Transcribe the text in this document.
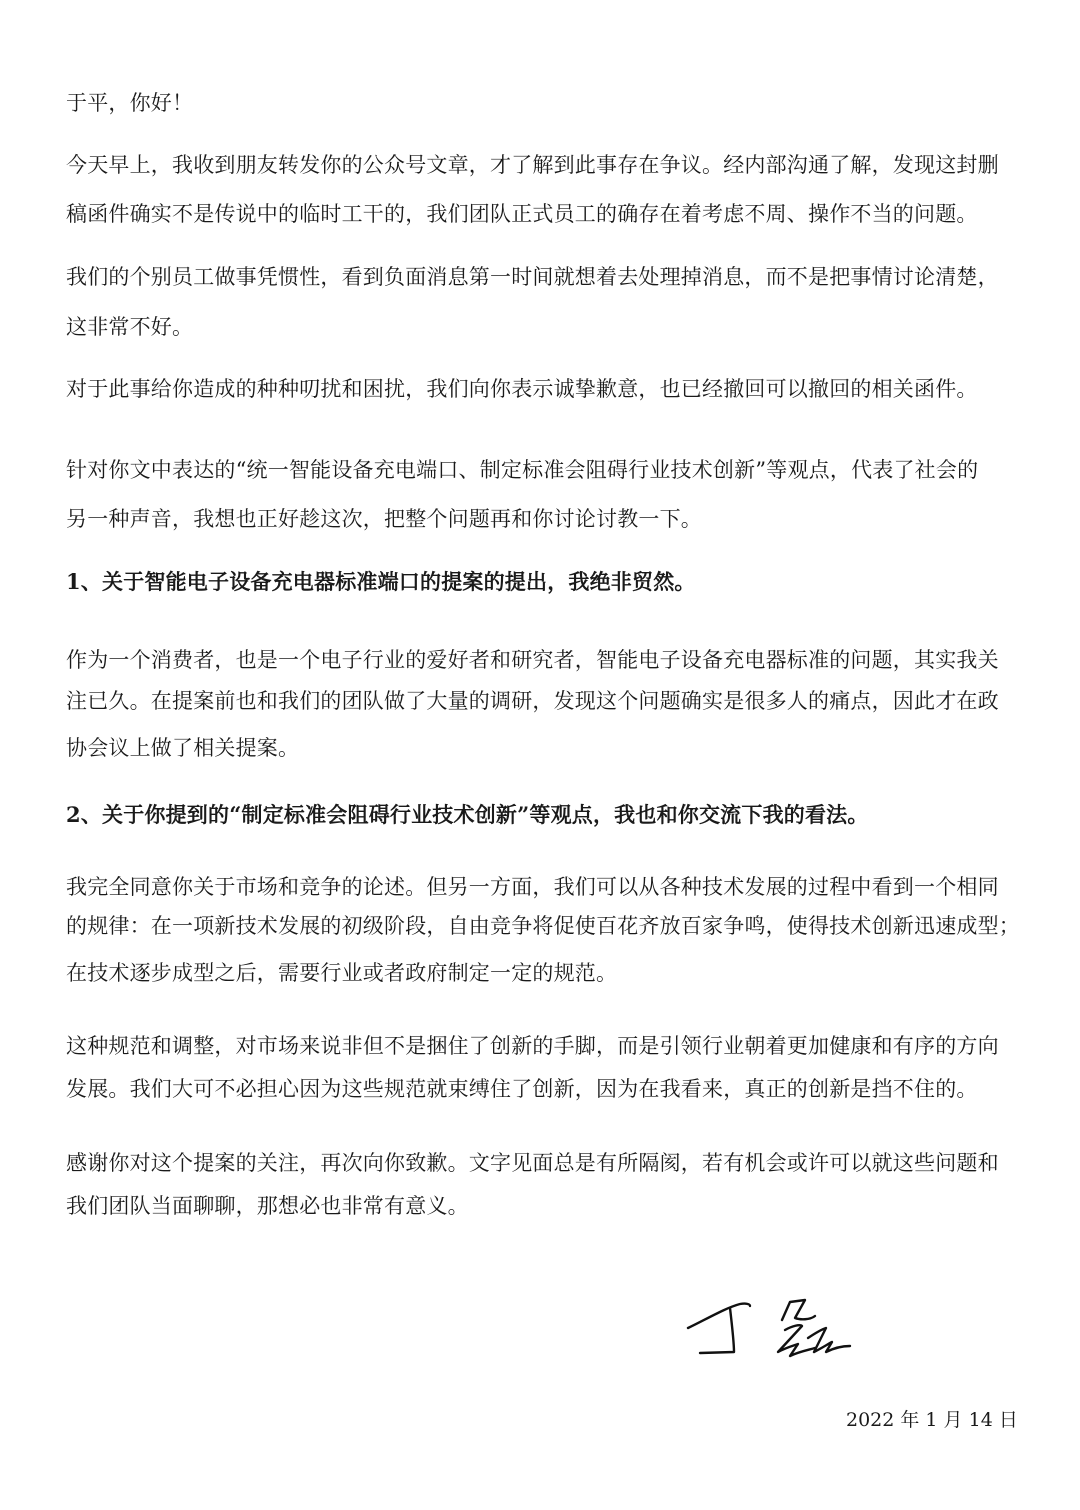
于平，你好！
今天早上，我收到朋友转发你的公众号文章，才了解到此事存在争议。经内部沟通了解，发现这封删
稿函件确实不是传说中的临时工干的，我们团队正式员工的确存在着考虑不周、操作不当的问题。
我们的个别员工做事凭惯性，看到负面消息第一时间就想着去处理掉消息，而不是把事情讨论清楚，
这非常不好。
对于此事给你造成的种种叨扰和困扰，我们向你表示诚挚歉意，也已经撤回可以撤回的相关函件。
针对你文中表达的“统一智能设备充电端口、制定标准会阻碍行业技术创新”等观点，代表了社会的
另一种声音，我想也正好趁这次，把整个问题再和你讨论讨教一下。
1、关于智能电子设备充电器标准端口的提案的提出，我绝非贸然。
作为一个消费者，也是一个电子行业的爱好者和研究者，智能电子设备充电器标准的问题，其实我关
注已久。在提案前也和我们的团队做了大量的调研，发现这个问题确实是很多人的痛点，因此才在政
协会议上做了相关提案。
2、关于你提到的“制定标准会阻碍行业技术创新”等观点，我也和你交流下我的看法。
我完全同意你关于市场和竞争的论述。但另一方面，我们可以从各种技术发展的过程中看到一个相同
的规律：在一项新技术发展的初级阶段，自由竞争将促使百花齐放百家争鸣，使得技术创新迅速成型；
在技术逐步成型之后，需要行业或者政府制定一定的规范。
这种规范和调整，对市场来说非但不是捆住了创新的手脚，而是引领行业朝着更加健康和有序的方向
发展。我们大可不必担心因为这些规范就束缚住了创新，因为在我看来，真正的创新是挡不住的。
感谢你对这个提案的关注，再次向你致歉。文字见面总是有所隔阂，若有机会或许可以就这些问题和
我们团队当面聊聊，那想必也非常有意义。
2022 年 1 月 14 日
